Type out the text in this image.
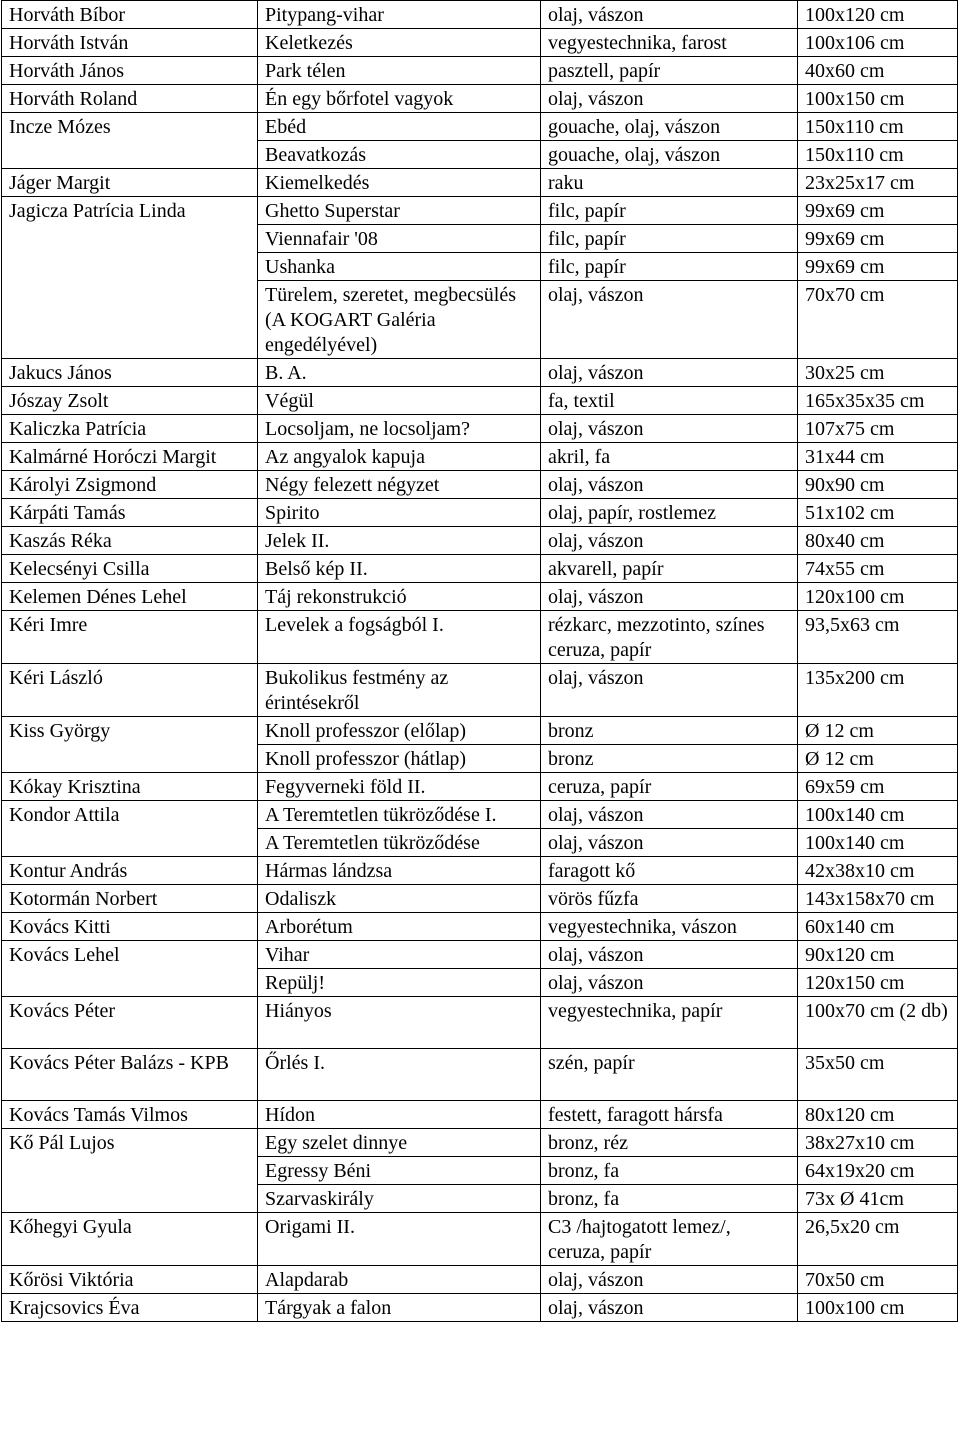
Horváth Bíbor	Pitypang-vihar	olaj, vászon	100x120 cm
Horváth István	Keletkezés	vegyestechnika, farost	100x106 cm
Horváth János	Park télen	pasztell, papír	40x60 cm
Horváth Roland	Én egy bőrfotel vagyok	olaj, vászon	100x150 cm
Incze Mózes	Ebéd	gouache, olaj, vászon	150x110 cm
	Beavatkozás	gouache, olaj, vászon	150x110 cm
Jáger Margit	Kiemelkedés	raku	23x25x17 cm
Jagicza Patrícia Linda	Ghetto Superstar	filc, papír	99x69 cm
	Viennafair '08	filc, papír	99x69 cm
	Ushanka	filc, papír	99x69 cm
	Türelem, szeretet, megbecsülés (A KOGART Galéria engedélyével)	olaj, vászon	70x70 cm
Jakucs János	B. A.	olaj, vászon	30x25 cm
Jószay Zsolt	Végül	fa, textil	165x35x35 cm
Kaliczka Patrícia	Locsoljam, ne locsoljam?	olaj, vászon	107x75 cm
Kalmárné Horóczi Margit	Az angyalok kapuja	akril, fa	31x44 cm
Károlyi Zsigmond	Négy felezett négyzet	olaj, vászon	90x90 cm
Kárpáti Tamás	Spirito	olaj, papír, rostlemez	51x102 cm
Kaszás Réka	Jelek II.	olaj, vászon	80x40 cm
Kelecsényi Csilla	Belső kép II.	akvarell, papír	74x55 cm
Kelemen Dénes Lehel	Táj rekonstrukció	olaj, vászon	120x100 cm
Kéri Imre	Levelek a fogságból I.	rézkarc, mezzotinto, színes ceruza, papír	93,5x63 cm
Kéri László	Bukolikus festmény az érintésekről	olaj, vászon	135x200 cm
Kiss György	Knoll professzor (előlap)	bronz	Ø 12 cm
	Knoll professzor (hátlap)	bronz	Ø 12 cm
Kókay Krisztina	Fegyverneki föld II.	ceruza, papír	69x59 cm
Kondor Attila	A Teremtetlen tükröződése I.	olaj, vászon	100x140 cm
	A Teremtetlen tükröződése	olaj, vászon	100x140 cm
Kontur András	Hármas lándzsa	faragott kő	42x38x10 cm
Kotormán Norbert	Odaliszk	vörös fűzfa	143x158x70 cm
Kovács Kitti	Arborétum	vegyestechnika, vászon	60x140 cm
Kovács Lehel	Vihar	olaj, vászon	90x120 cm
	Repülj!	olaj, vászon	120x150 cm
Kovács Péter	Hiányos	vegyestechnika, papír	100x70 cm (2 db)
Kovács Péter Balázs - KPB	Őrlés I.	szén, papír	35x50 cm
Kovács Tamás Vilmos	Hídon	festett, faragott hársfa	80x120 cm
Kő Pál Lujos	Egy szelet dinnye	bronz, réz	38x27x10 cm
	Egressy Béni	bronz, fa	64x19x20 cm
	Szarvaskirály	bronz, fa	73x Ø 41cm
Kőhegyi Gyula	Origami II.	C3 /hajtogatott lemez/, ceruza, papír	26,5x20 cm
Kőrösi Viktória	Alapdarab	olaj, vászon	70x50 cm
Krajcsovics Éva	Tárgyak a falon	olaj, vászon	100x100 cm
